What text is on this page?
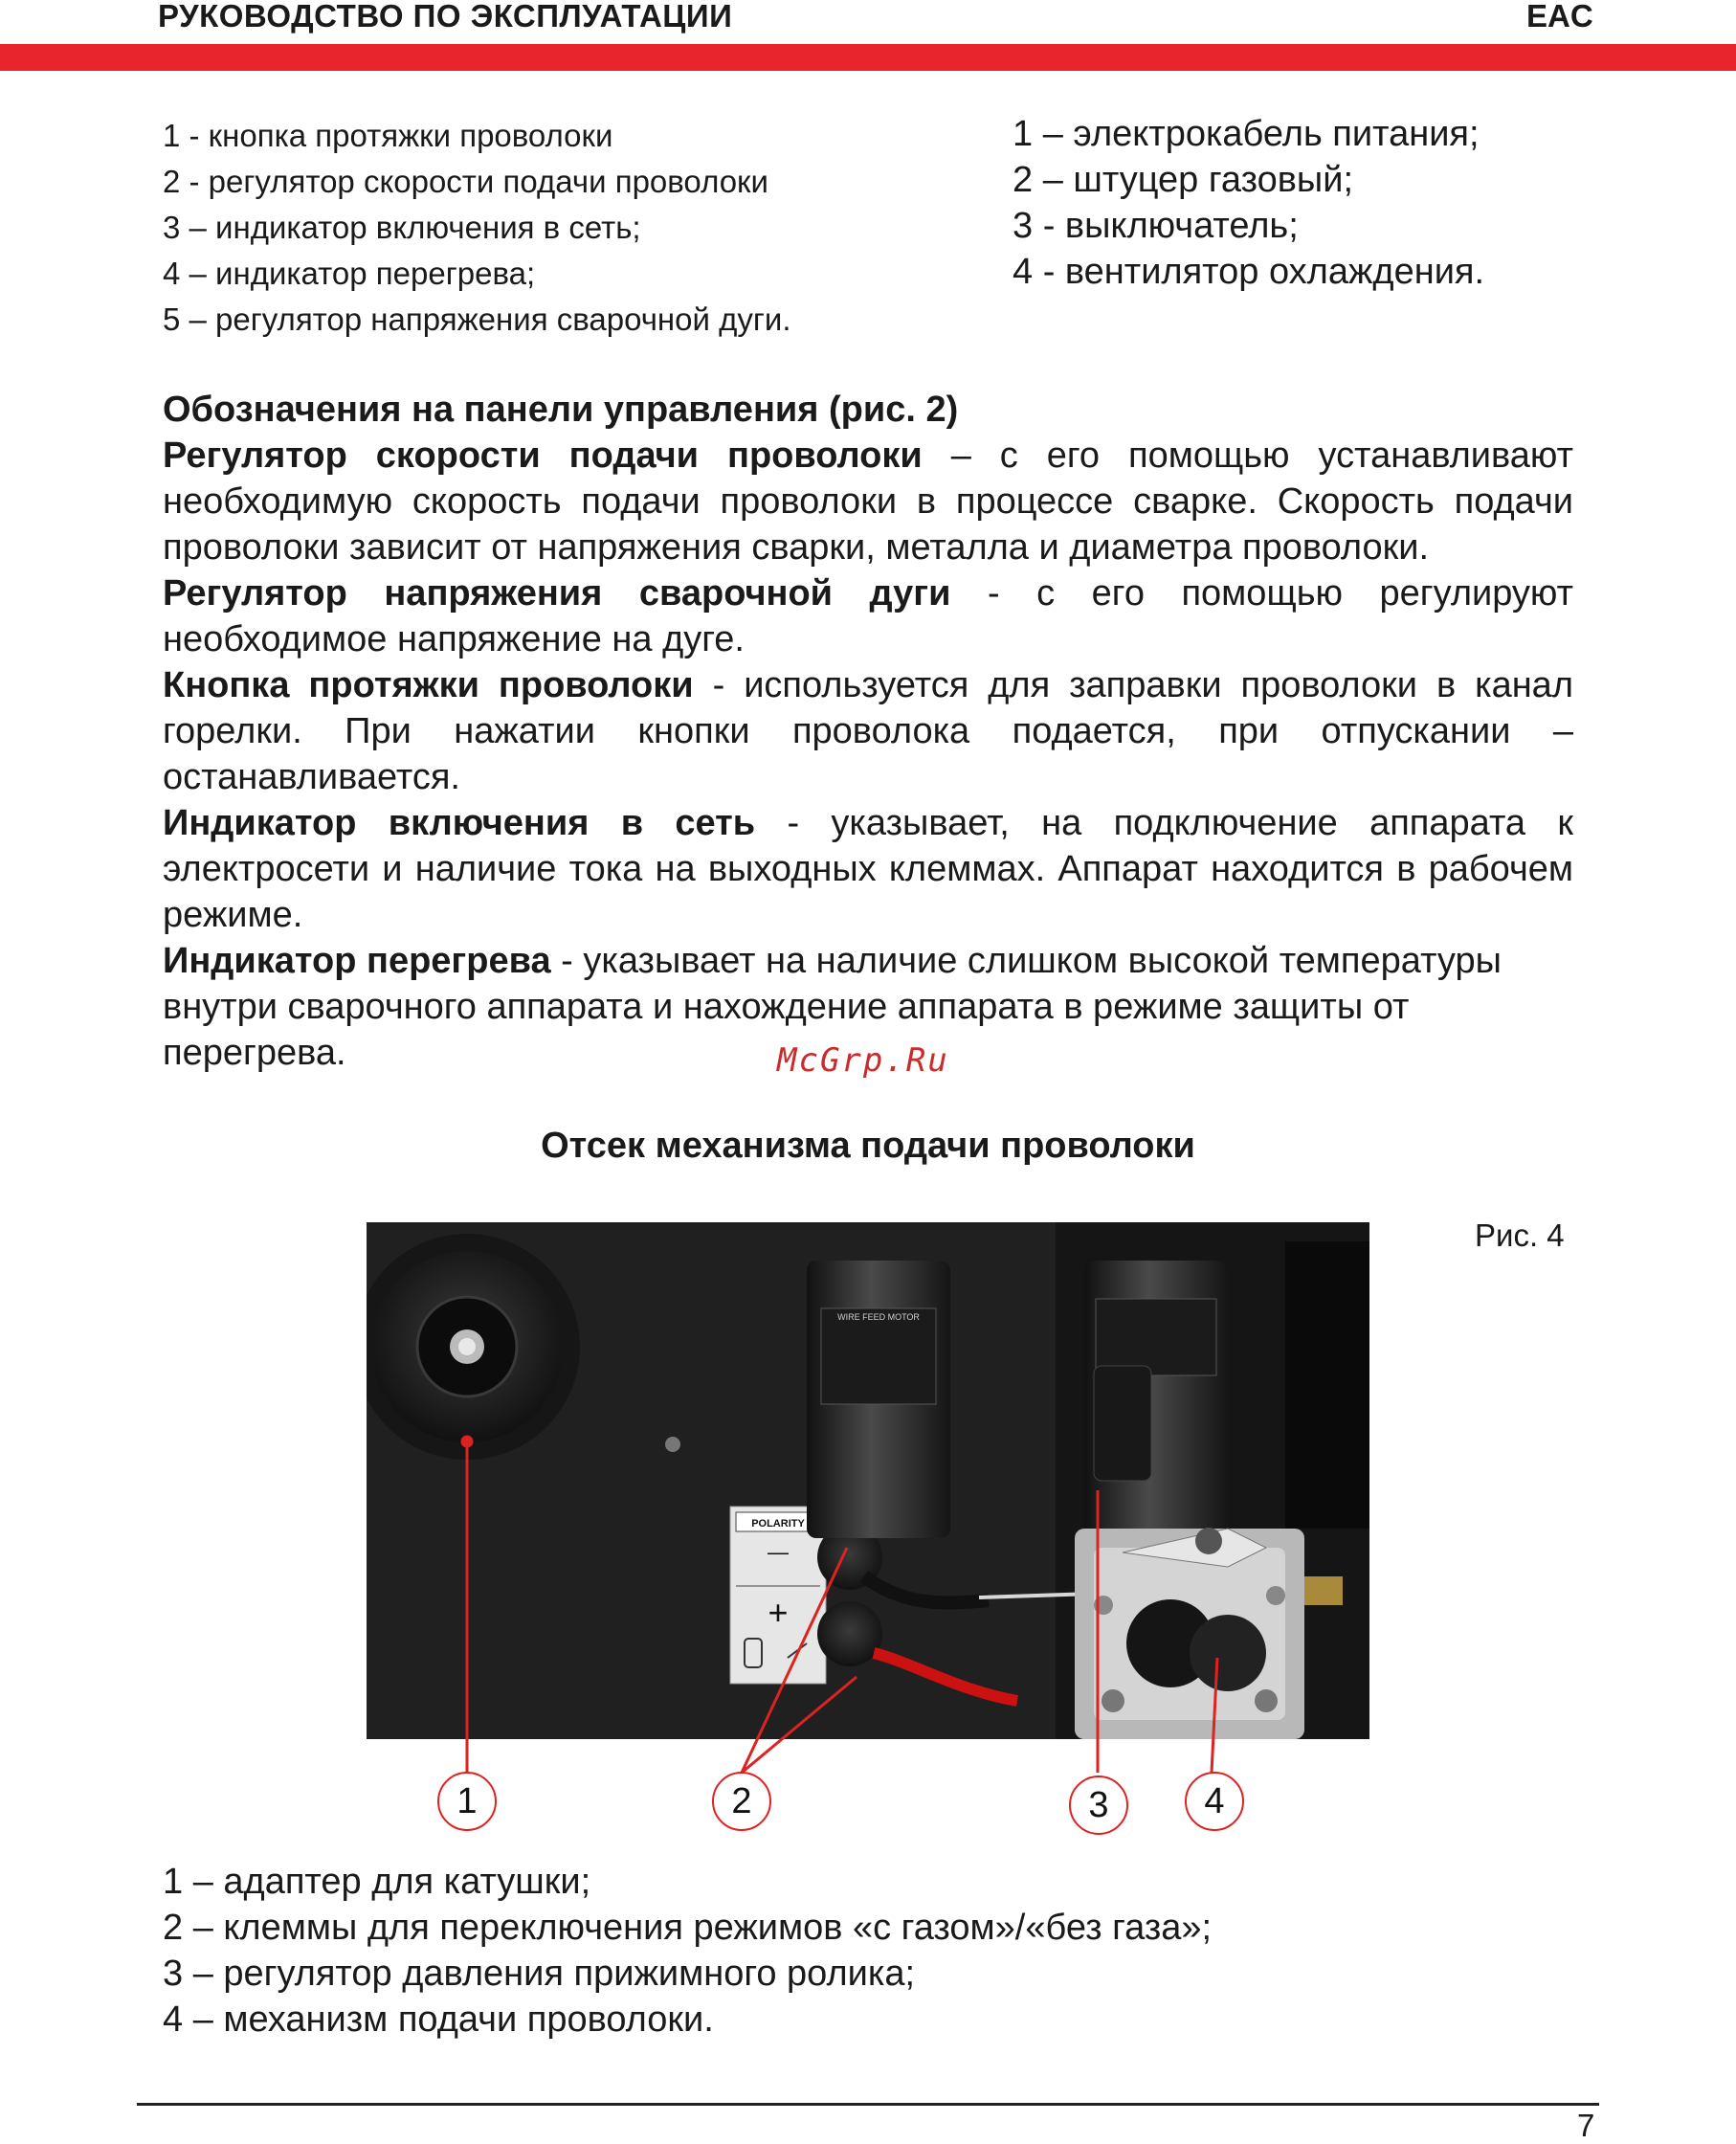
РУКОВОДСТВО ПО ЭКСПЛУАТАЦИИ	EAC
1 - кнопка протяжки проволоки
2 - регулятор скорости подачи проволоки
3 – индикатор включения в сеть;
4 – индикатор перегрева;
5 – регулятор напряжения сварочной дуги.
1 – электрокабель питания;
2 – штуцер газовый;
3 - выключатель;
4 - вентилятор охлаждения.

Обозначения на панели управления (рис. 2)

Регулятор скорости подачи проволоки – с его помощью устанавливают необходимую скорость подачи проволоки в процессе сварке. Скорость подачи проволоки зависит от напряжения сварки, металла и диаметра проволоки.

Регулятор напряжения сварочной дуги - с его помощью регулируют необходимое напряжение на дуге.

Кнопка протяжки проволоки - используется для заправки проволоки в канал горелки. При нажатии кнопки проволока подается, при отпускании – останавливается.

Индикатор включения в сеть - указывает, на подключение аппарата к электросети и наличие тока на выходных клеммах. Аппарат находится в рабочем режиме.

Индикатор перегрева - указывает на наличие слишком высокой температуры внутри сварочного аппарата и нахождение аппарата в режиме защиты от перегрева.	McGrp.Ru
Отсек механизма подачи проволоки
Рис. 4
POLARITY
—
+
WIRE FEED MOTOR
1	2	3	4
1 – адаптер для катушки;
2 – клеммы для переключения режимов «с газом»/«без газа»;
3 – регулятор давления прижимного ролика;
4 – механизм подачи проволоки.
7
